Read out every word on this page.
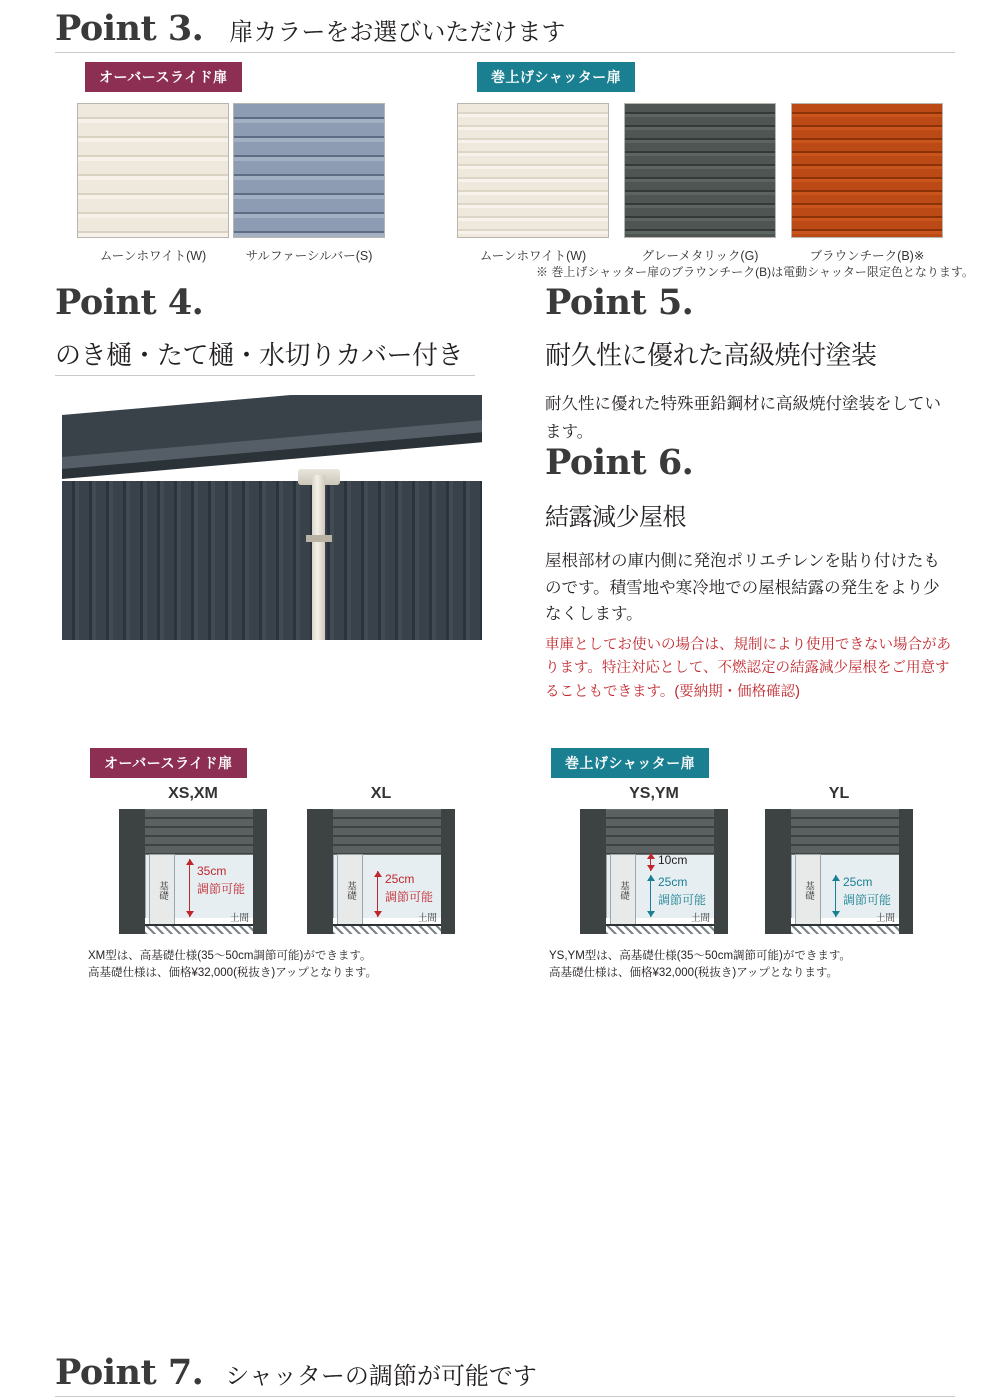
Point 3. 扉カラーをお選びいただけます
オーバースライド扉	巻上げシャッター扉
ムーンホワイト(W)	サルファーシルバー(S)	ムーンホワイト(W)	グレーメタリック(G)	ブラウンチーク(B)※
※ 巻上げシャッター扉のブラウンチーク(B)は電動シャッター限定色となります。
Point 4.
のき樋・たて樋・水切りカバー付き
Point 5.
耐久性に優れた高級焼付塗装
耐久性に優れた特殊亜鉛鋼材に高級焼付塗装をしています。
Point 6.
結露減少屋根
屋根部材の庫内側に発泡ポリエチレンを貼り付けたものです。積雪地や寒冷地での屋根結露の発生をより少なくします。
車庫としてお使いの場合は、規制により使用できない場合があります。特注対応として、不燃認定の結露減少屋根をご用意することもできます。(要納期・価格確認)
Point 7. シャッターの調節が可能です
オーバースライド扉	巻上げシャッター扉
XS,XM
基礎
35cm
調節可能
土間
XL
基礎
25cm
調節可能
土間
YS,YM
基礎
10cm
25cm
調節可能
土間
YL
基礎	25cm
調節可能
土間
XM型は、高基礎仕様(35〜50cm調節可能)ができます。
高基礎仕様は、価格¥32,000(税抜き)アップとなります。
YS,YM型は、高基礎仕様(35〜50cm調節可能)ができます。
高基礎仕様は、価格¥32,000(税抜き)アップとなります。
